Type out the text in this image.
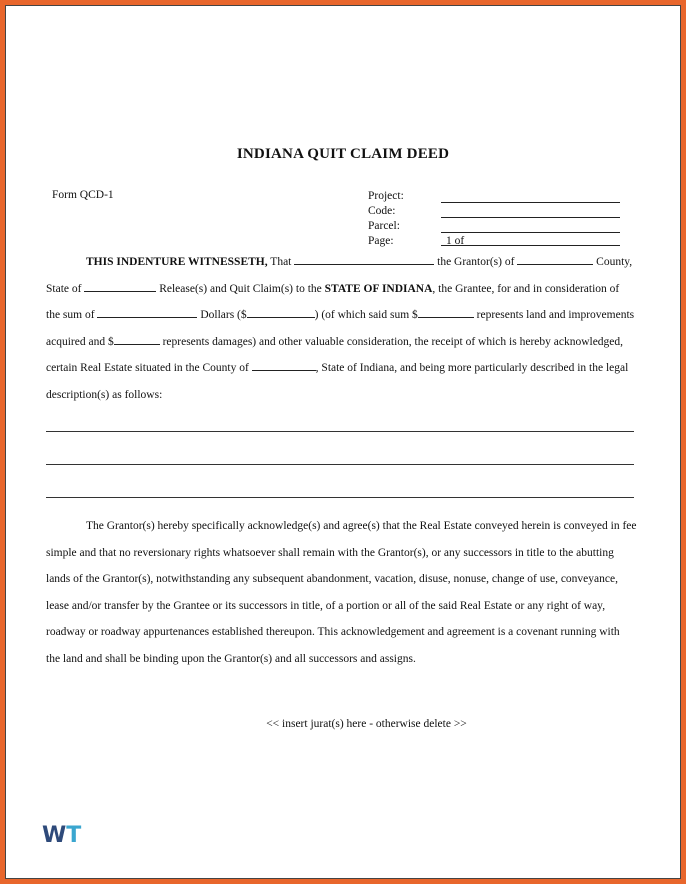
INDIANA QUIT CLAIM DEED
Form QCD-1	Project:
Code:
Parcel:
Page:	1 of
THIS INDENTURE WITNESSETH, That	the Grantor(s) of	County,
State of	Release(s) and Quit Claim(s) to the STATE OF INDIANA, the Grantee, for and in consideration of
the sum of	Dollars ($	) (of which said sum $	represents land and improvements
acquired and $	represents damages) and other valuable consideration, the receipt of which is hereby acknowledged,
certain Real Estate situated in the County of	, State of Indiana, and being more particularly described in the legal
description(s) as follows:
The Grantor(s) hereby specifically acknowledge(s) and agree(s) that the Real Estate conveyed herein is conveyed in fee
simple and that no reversionary rights whatsoever shall remain with the Grantor(s), or any successors in title to the abutting
lands of the Grantor(s), notwithstanding any subsequent abandonment, vacation, disuse, nonuse, change of use, conveyance,
lease and/or transfer by the Grantee or its successors in title, of a portion or all of the said Real Estate or any right of way,
roadway or roadway appurtenances established thereupon. This acknowledgement and agreement is a covenant running with
the land and shall be binding upon the Grantor(s) and all successors and assigns.
<< insert jurat(s) here - otherwise delete >>
WT
